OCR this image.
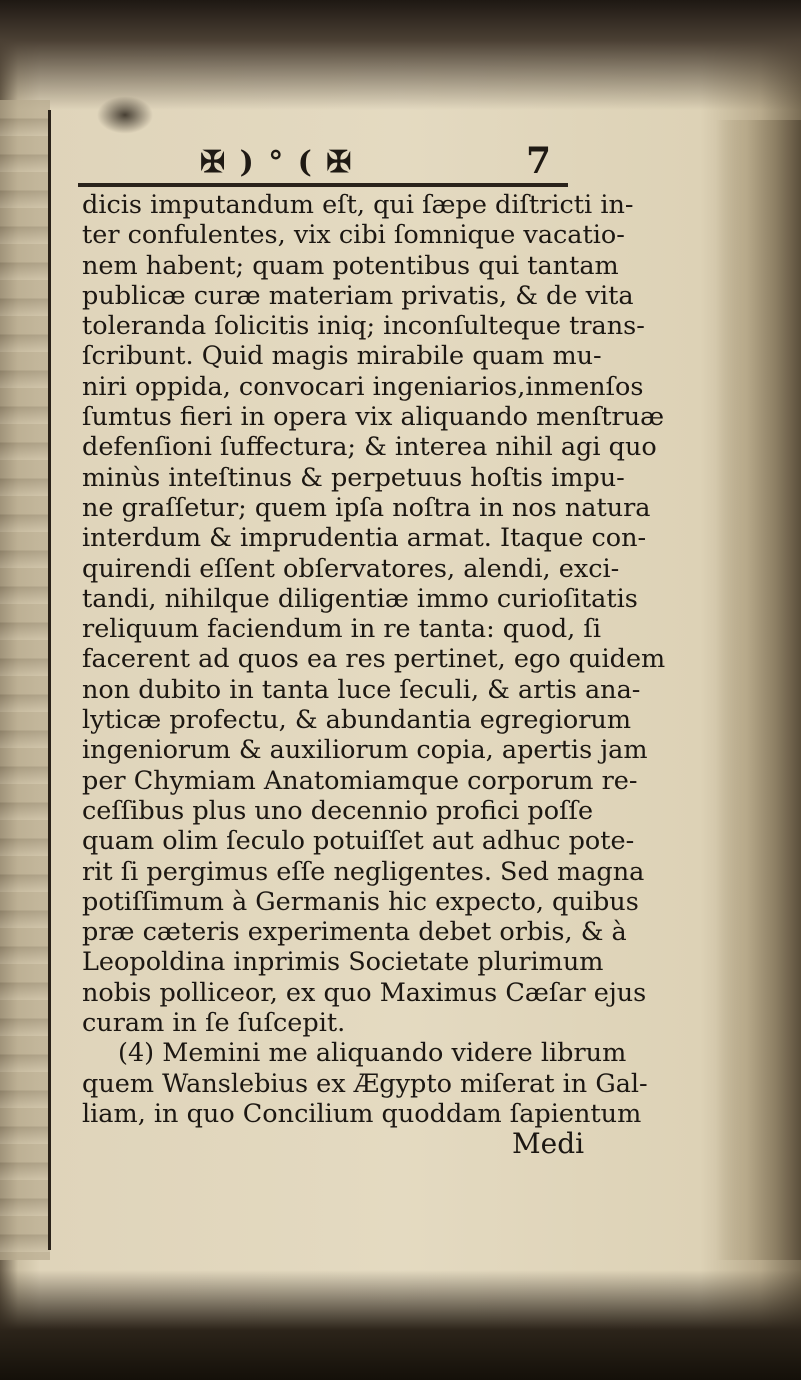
✠ ) ° ( ✠	7
dicis imputandum eſt, qui ſæpe diſtricti in-
ter confulentes, vix cibi ſomnique vacatio-
nem habent; quam potentibus qui tantam
publicæ curæ materiam privatis, & de vita
toleranda ſolicitis iniq; inconſulteque trans-
ſcribunt. Quid magis mirabile quam mu-
niri oppida, convocari ingeniarios,inmenſos
ſumtus fieri in opera vix aliquando menſtruæ
defenſioni ſuffectura; & interea nihil agi quo
minùs inteſtinus & perpetuus hoſtis impu-
ne graſſetur; quem ipſa noſtra in nos natura
interdum & imprudentia armat. Itaque con-
quirendi eſſent obſervatores, alendi, exci-
tandi, nihilque diligentiæ immo curioſitatis
reliquum faciendum in re tanta: quod, ſi
facerent ad quos ea res pertinet, ego quidem
non dubito in tanta luce ſeculi, & artis ana-
lyticæ profectu, & abundantia egregiorum
ingeniorum & auxiliorum copia, apertis jam
per Chymiam Anatomiamque corporum re-
ceſſibus plus uno decennio profici poſſe
quam olim ſeculo potuiſſet aut adhuc pote-
rit ſi pergimus eſſe negligentes. Sed magna
potiſſimum à Germanis hic expecto, quibus
præ cæteris experimenta debet orbis, & à
Leopoldina inprimis Societate plurimum
nobis polliceor, ex quo Maximus Cæſar ejus
curam in ſe ſuſcepit.
(4) Memini me aliquando videre librum
quem Wanslebius ex Ægypto miſerat in Gal-
liam, in quo Concilium quoddam ſapientum
Medi
